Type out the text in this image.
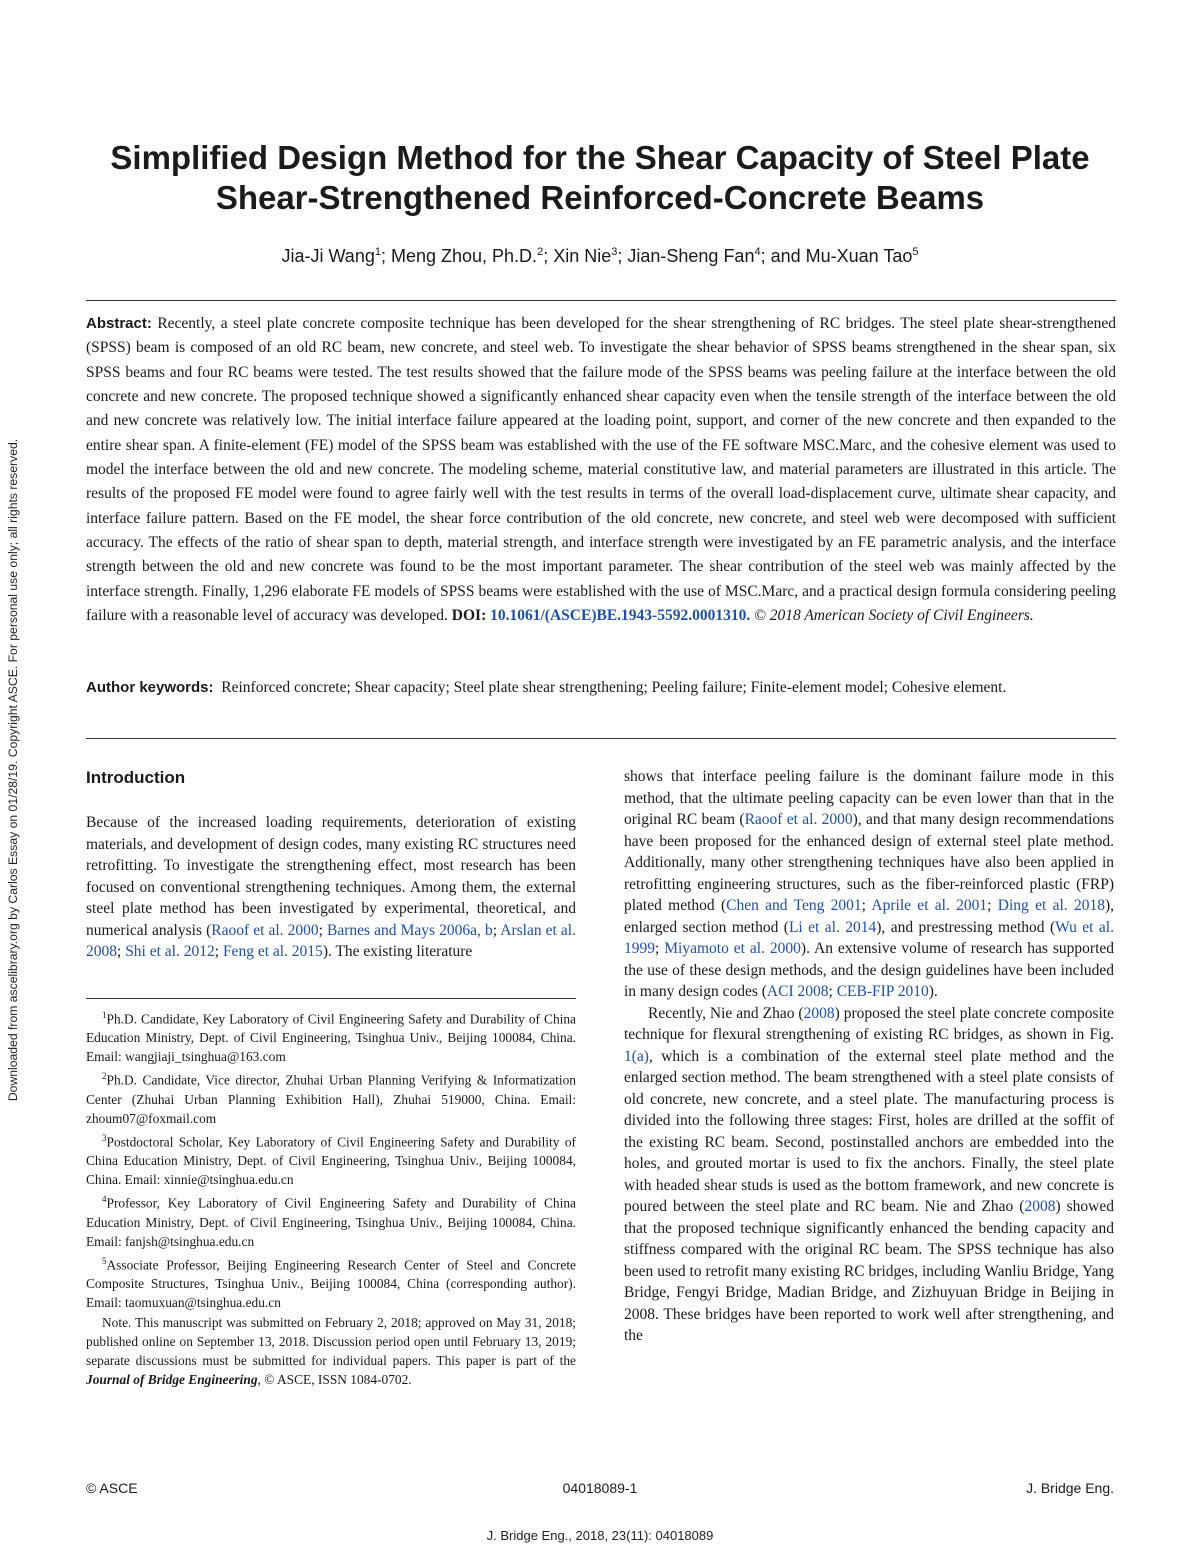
Downloaded from ascelibrary.org by Carlos Essay on 01/28/19. Copyright ASCE. For personal use only; all rights reserved.
Simplified Design Method for the Shear Capacity of Steel Plate Shear-Strengthened Reinforced-Concrete Beams
Jia-Ji Wang$^1$; Meng Zhou, Ph.D.$^2$; Xin Nie$^3$; Jian-Sheng Fan$^4$; and Mu-Xuan Tao$^5$

Abstract: Recently, a steel plate concrete composite technique has been developed for the shear strengthening of RC bridges. The steel plate shear-strengthened (SPSS) beam is composed of an old RC beam, new concrete, and steel web. To investigate the shear behavior of SPSS beams strengthened in the shear span, six SPSS beams and four RC beams were tested. The test results showed that the failure mode of the SPSS beams was peeling failure at the interface between the old concrete and new concrete. The proposed technique showed a significantly enhanced shear capacity even when the tensile strength of the interface between the old and new concrete was relatively low. The initial interface failure appeared at the loading point, support, and corner of the new concrete and then expanded to the entire shear span. A finite-element (FE) model of the SPSS beam was established with the use of the FE software MSC.Marc, and the cohesive element was used to model the interface between the old and new concrete. The modeling scheme, material constitutive law, and material parameters are illustrated in this article. The results of the proposed FE model were found to agree fairly well with the test results in terms of the overall load-displacement curve, ultimate shear capacity, and interface failure pattern. Based on the FE model, the shear force contribution of the old concrete, new concrete, and steel web were decomposed with sufficient accuracy. The effects of the ratio of shear span to depth, material strength, and interface strength were investigated by an FE parametric analysis, and the interface strength between the old and new concrete was found to be the most important parameter. The shear contribution of the steel web was mainly affected by the interface strength. Finally, 1,296 elaborate FE models of SPSS beams were established with the use of MSC.Marc, and a practical design formula considering peeling failure with a reasonable level of accuracy was developed. DOI: 10.1061/(ASCE)BE.1943-5592.0001310. © 2018 American Society of Civil Engineers.

Author keywords: Reinforced concrete; Shear capacity; Steel plate shear strengthening; Peeling failure; Finite-element model; Cohesive element.

Introduction

Because of the increased loading requirements, deterioration of existing materials, and development of design codes, many existing RC structures need retrofitting. To investigate the strengthening effect, most research has been focused on conventional strengthening techniques. Among them, the external steel plate method has been investigated by experimental, theoretical, and numerical analysis (Raoof et al. 2000; Barnes and Mays 2006a, b; Arslan et al. 2008; Shi et al. 2012; Feng et al. 2015). The existing literature

shows that interface peeling failure is the dominant failure mode in this method, that the ultimate peeling capacity can be even lower than that in the original RC beam (Raoof et al. 2000), and that many design recommendations have been proposed for the enhanced design of external steel plate method. Additionally, many other strengthening techniques have also been applied in retrofitting engineering structures, such as the fiber-reinforced plastic (FRP) plated method (Chen and Teng 2001; Aprile et al. 2001; Ding et al. 2018), enlarged section method (Li et al. 2014), and prestressing method (Wu et al. 1999; Miyamoto et al. 2000). An extensive volume of research has supported the use of these design methods, and the design guidelines have been included in many design codes (ACI 2008; CEB-FIP 2010).

Recently, Nie and Zhao (2008) proposed the steel plate concrete composite technique for flexural strengthening of existing RC bridges, as shown in Fig. 1(a), which is a combination of the external steel plate method and the enlarged section method. The beam strengthened with a steel plate consists of old concrete, new concrete, and a steel plate. The manufacturing process is divided into the following three stages: First, holes are drilled at the soffit of the existing RC beam. Second, postinstalled anchors are embedded into the holes, and grouted mortar is used to fix the anchors. Finally, the steel plate with headed shear studs is used as the bottom framework, and new concrete is poured between the steel plate and RC beam. Nie and Zhao (2008) showed that the proposed technique significantly enhanced the bending capacity and stiffness compared with the original RC beam. The SPSS technique has also been used to retrofit many existing RC bridges, including Wanliu Bridge, Yang Bridge, Fengyi Bridge, Madian Bridge, and Zizhuyuan Bridge in Beijing in 2008. These bridges have been reported to work well after strengthening, and the

$^1$Ph.D. Candidate, Key Laboratory of Civil Engineering Safety and Durability of China Education Ministry, Dept. of Civil Engineering, Tsinghua Univ., Beijing 100084, China. Email: wangjiaji_tsinghua@163.com

$^2$Ph.D. Candidate, Vice director, Zhuhai Urban Planning Verifying & Informatization Center (Zhuhai Urban Planning Exhibition Hall), Zhuhai 519000, China. Email: zhoum07@foxmail.com

$^3$Postdoctoral Scholar, Key Laboratory of Civil Engineering Safety and Durability of China Education Ministry, Dept. of Civil Engineering, Tsinghua Univ., Beijing 100084, China. Email: xinnie@tsinghua.edu.cn

$^4$Professor, Key Laboratory of Civil Engineering Safety and Durability of China Education Ministry, Dept. of Civil Engineering, Tsinghua Univ., Beijing 100084, China. Email: fanjsh@tsinghua.edu.cn

$^5$Associate Professor, Beijing Engineering Research Center of Steel and Concrete Composite Structures, Tsinghua Univ., Beijing 100084, China (corresponding author). Email: taomuxuan@tsinghua.edu.cn

Note. This manuscript was submitted on February 2, 2018; approved on May 31, 2018; published online on September 13, 2018. Discussion period open until February 13, 2019; separate discussions must be submitted for individual papers. This paper is part of the Journal of Bridge Engineering, © ASCE, ISSN 1084-0702.

© ASCE	04018089-1	J. Bridge Eng.
J. Bridge Eng., 2018, 23(11): 04018089
